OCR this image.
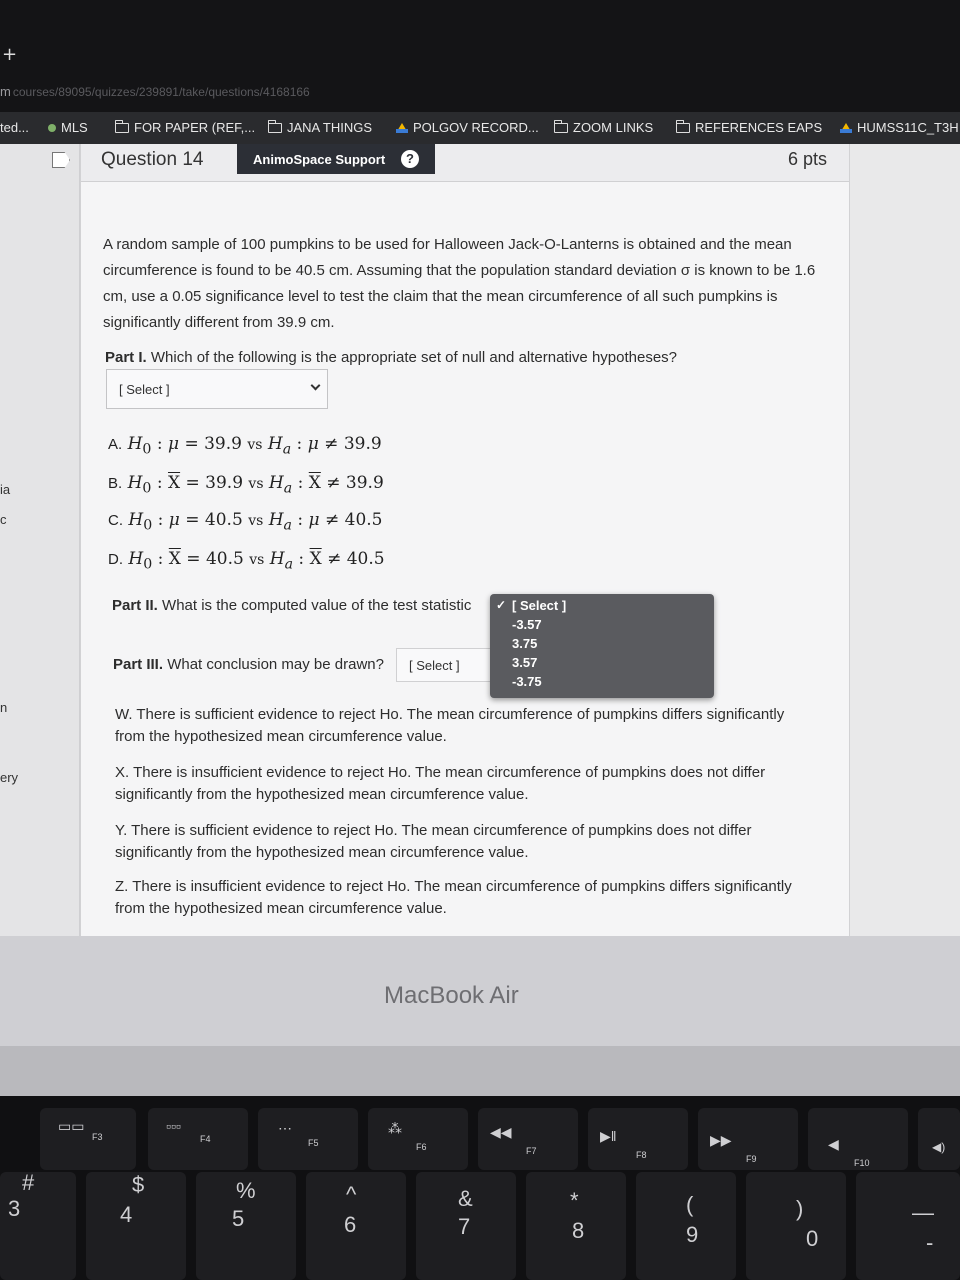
+
m courses/89095/quizzes/239891/take/questions/4168166
ted... MLS	FOR PAPER (REF,... JANA THINGS	POLGOV RECORD...	ZOOM LINKS	REFERENCES EAPS	HUMSS11C_T3H
ia
c
n
ery
Question 14	AnimoSpace Support	?	6 pts
A random sample of 100 pumpkins to be used for Halloween Jack-O-Lanterns is obtained and the mean circumference is found to be 40.5 cm. Assuming that the population standard deviation σ is known to be 1.6 cm, use a 0.05 significance level to test the claim that the mean circumference of all such pumpkins is significantly different from 39.9 cm.
Part I. Which of the following is the appropriate set of null and alternative hypotheses?
[ Select ]
A. $H_0$ : μ = 39.9 vs $H_a$ : μ ≠ 39.9
B. $H_0$ : $\overline{X} = 39.9$ vs $H_a$ : $\overline{X} \ne 39.9$
C. $H_0$ : μ = 40.5 vs $H_a$ : μ ≠ 40.5
D. $H_0$ : $\overline{X} = 40.5$ vs $H_a$ : $\overline{X} \ne 40.5$
Part II. What is the computed value of the test statistic
Part III. What conclusion may be drawn?	[ Select ]
✓ [ Select ]
-3.57
3.75
3.57
-3.75
W. There is sufficient evidence to reject Ho. The mean circumference of pumpkins differs significantly from the hypothesized mean circumference value.
X. There is insufficient evidence to reject Ho. The mean circumference of pumpkins does not differ significantly from the hypothesized mean circumference value.
Y. There is sufficient evidence to reject Ho. The mean circumference of pumpkins does not differ significantly from the hypothesized mean circumference value.
Z. There is insufficient evidence to reject Ho. The mean circumference of pumpkins differs significantly from the hypothesized mean circumference value.
MacBook Air
▭▭
F3
▫▫▫
F4
⋯
F5
⁂
F6
◀◀
F7
▶‖
F8
▶▶
F9
◀
F10
◀)
#
3
$
4
%
5
^
6
&
7
*
8
(
9
)
0
—
-
